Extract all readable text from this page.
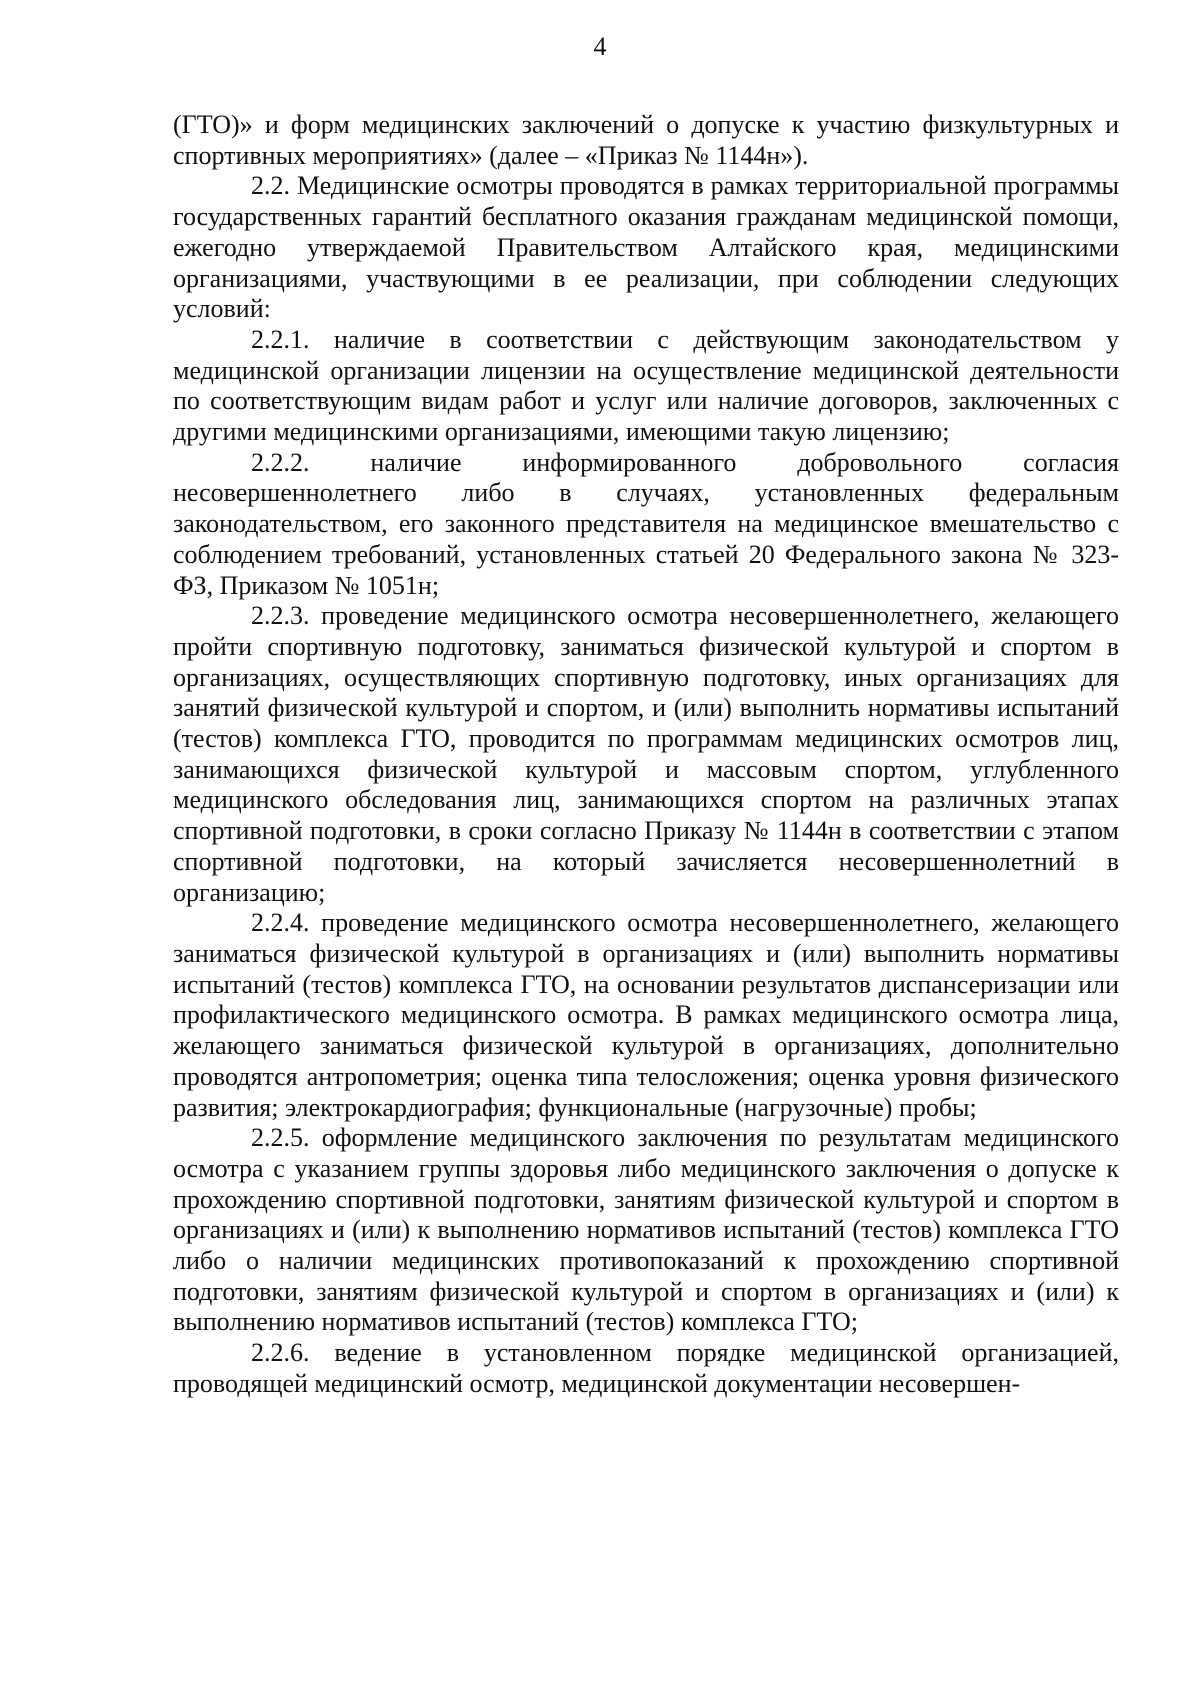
4

(ГТО)» и форм медицинских заключений о допуске к участию физкультурных и спортивных мероприятиях» (далее – «Приказ № 1144н»).

2.2. Медицинские осмотры проводятся в рамках территориальной программы государственных гарантий бесплатного оказания гражданам медицинской помощи, ежегодно утверждаемой Правительством Алтайского края, медицинскими организациями, участвующими в ее реализации, при соблюдении следующих условий:

2.2.1. наличие в соответствии с действующим законодательством у медицинской организации лицензии на осуществление медицинской деятельности по соответствующим видам работ и услуг или наличие договоров, заключенных с другими медицинскими организациями, имеющими такую лицензию;

2.2.2. наличие информированного добровольного согласия несовершеннолетнего либо в случаях, установленных федеральным законодательством, его законного представителя на медицинское вмешательство с соблюдением требований, установленных статьей 20 Федерального закона № 323-ФЗ, Приказом № 1051н;

2.2.3. проведение медицинского осмотра несовершеннолетнего, желающего пройти спортивную подготовку, заниматься физической культурой и спортом в организациях, осуществляющих спортивную подготовку, иных организациях для занятий физической культурой и спортом, и (или) выполнить нормативы испытаний (тестов) комплекса ГТО, проводится по программам медицинских осмотров лиц, занимающихся физической культурой и массовым спортом, углубленного медицинского обследования лиц, занимающихся спортом на различных этапах спортивной подготовки, в сроки согласно Приказу № 1144н в соответствии с этапом спортивной подготовки, на который зачисляется несовершеннолетний в организацию;

2.2.4. проведение медицинского осмотра несовершеннолетнего, желающего заниматься физической культурой в организациях и (или) выполнить нормативы испытаний (тестов) комплекса ГТО, на основании результатов диспансеризации или профилактического медицинского осмотра. В рамках медицинского осмотра лица, желающего заниматься физической культурой в организациях, дополнительно проводятся антропометрия; оценка типа телосложения; оценка уровня физического развития; электрокардиография; функциональные (нагрузочные) пробы;

2.2.5. оформление медицинского заключения по результатам медицинского осмотра с указанием группы здоровья либо медицинского заключения о допуске к прохождению спортивной подготовки, занятиям физической культурой и спортом в организациях и (или) к выполнению нормативов испытаний (тестов) комплекса ГТО либо о наличии медицинских противопоказаний к прохождению спортивной подготовки, занятиям физической культурой и спортом в организациях и (или) к выполнению нормативов испытаний (тестов) комплекса ГТО;

2.2.6. ведение в установленном порядке медицинской организацией, проводящей медицинский осмотр, медицинской документации несовершен-
